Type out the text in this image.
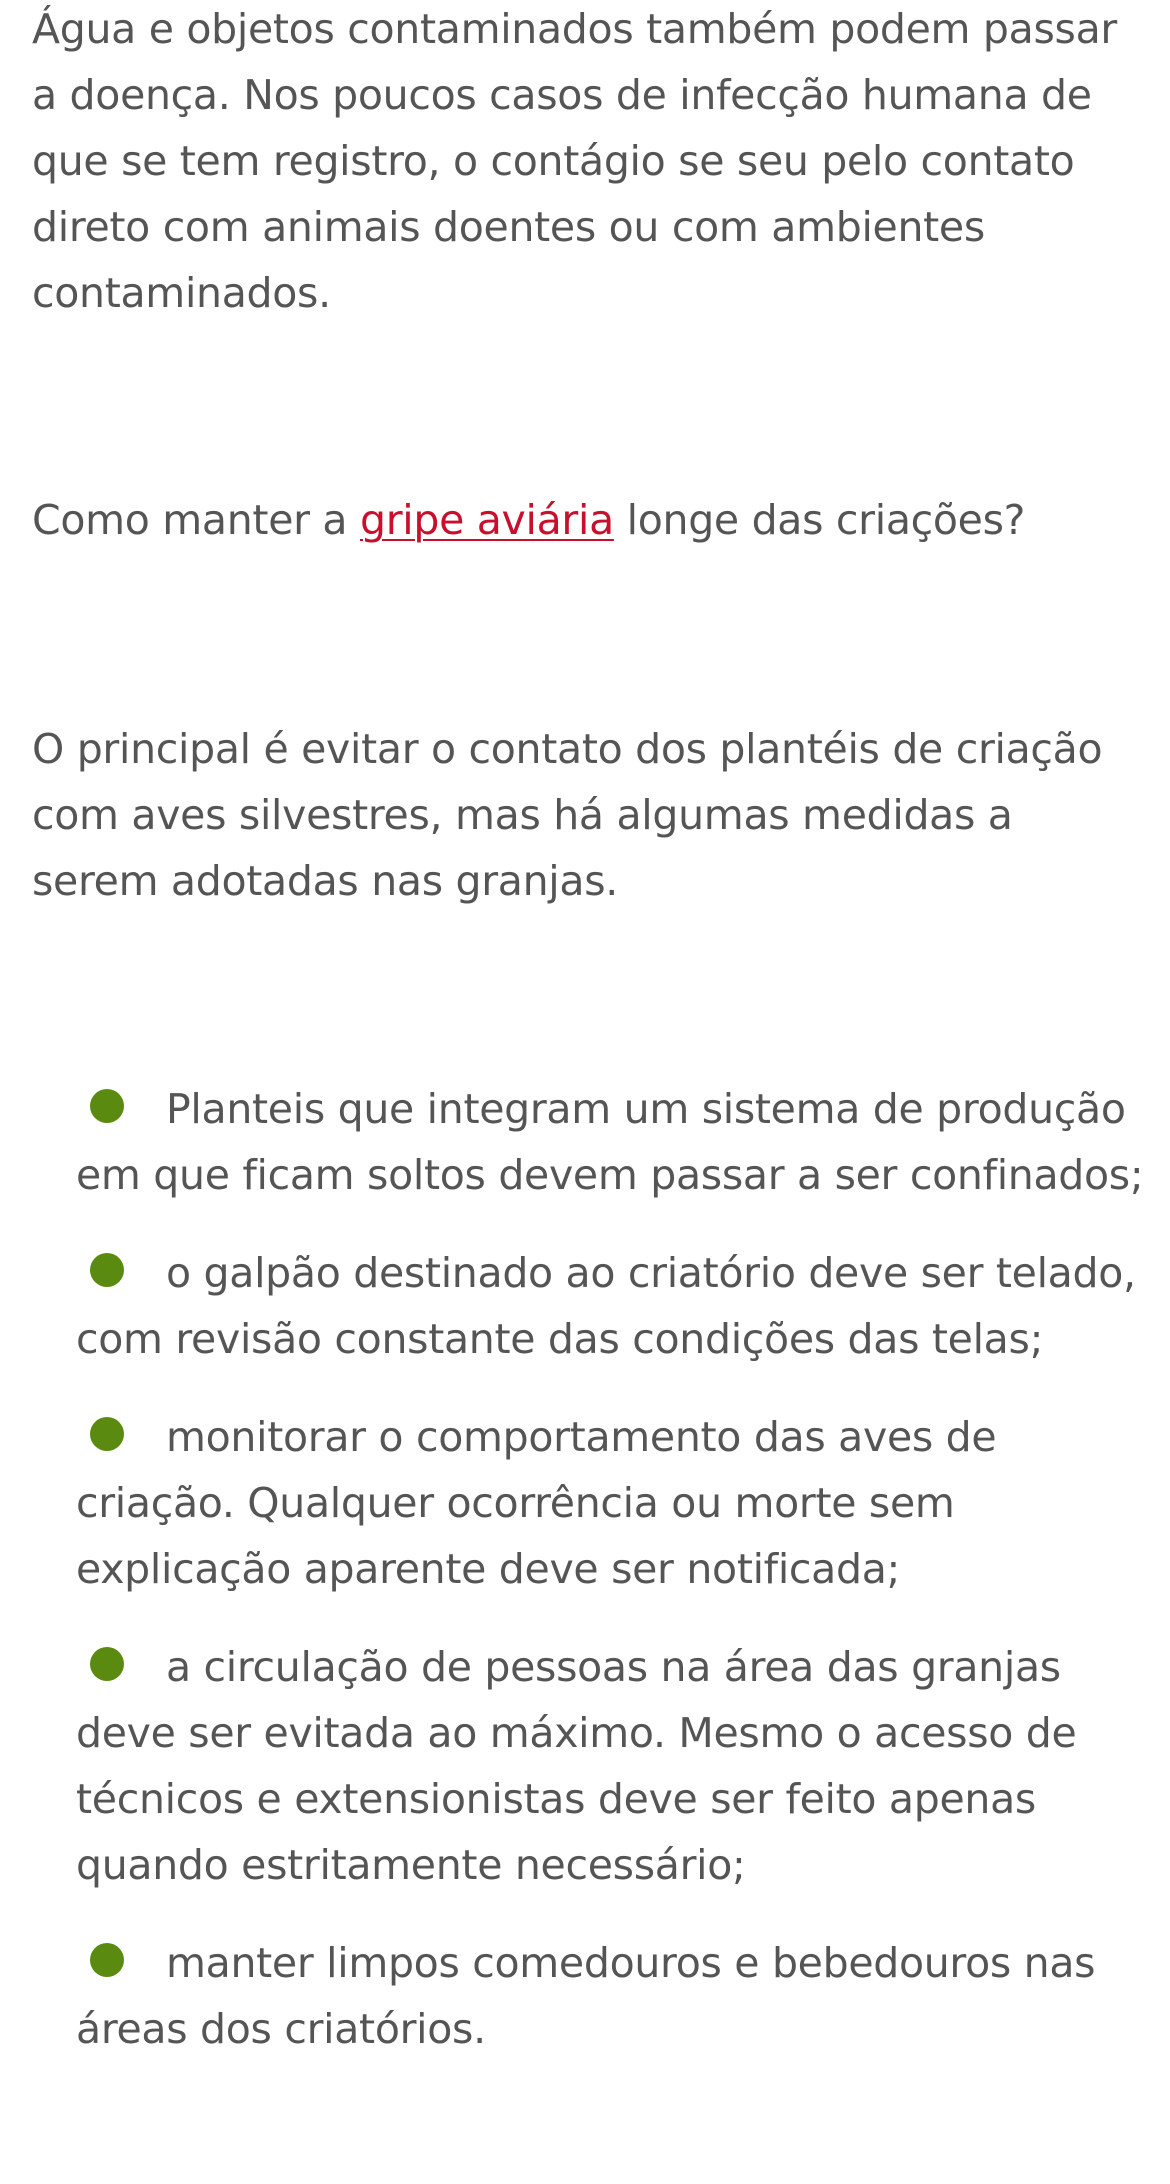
Água e objetos contaminados também podem passar a doença. Nos poucos casos de infecção humana de que se tem registro, o contágio se seu pelo contato direto com animais doentes ou com ambientes contaminados.

Como manter a gripe aviária longe das criações?

O principal é evitar o contato dos plantéis de criação com aves silvestres, mas há algumas medidas a serem adotadas nas granjas.

Planteis que integram um sistema de produção em que ficam soltos devem passar a ser confinados;
o galpão destinado ao criatório deve ser telado, com revisão constante das condições das telas;
monitorar o comportamento das aves de criação. Qualquer ocorrência ou morte sem explicação aparente deve ser notificada;
a circulação de pessoas na área das granjas deve ser evitada ao máximo. Mesmo o acesso de técnicos e extensionistas deve ser feito apenas quando estritamente necessário;
manter limpos comedouros e bebedouros nas áreas dos criatórios.
